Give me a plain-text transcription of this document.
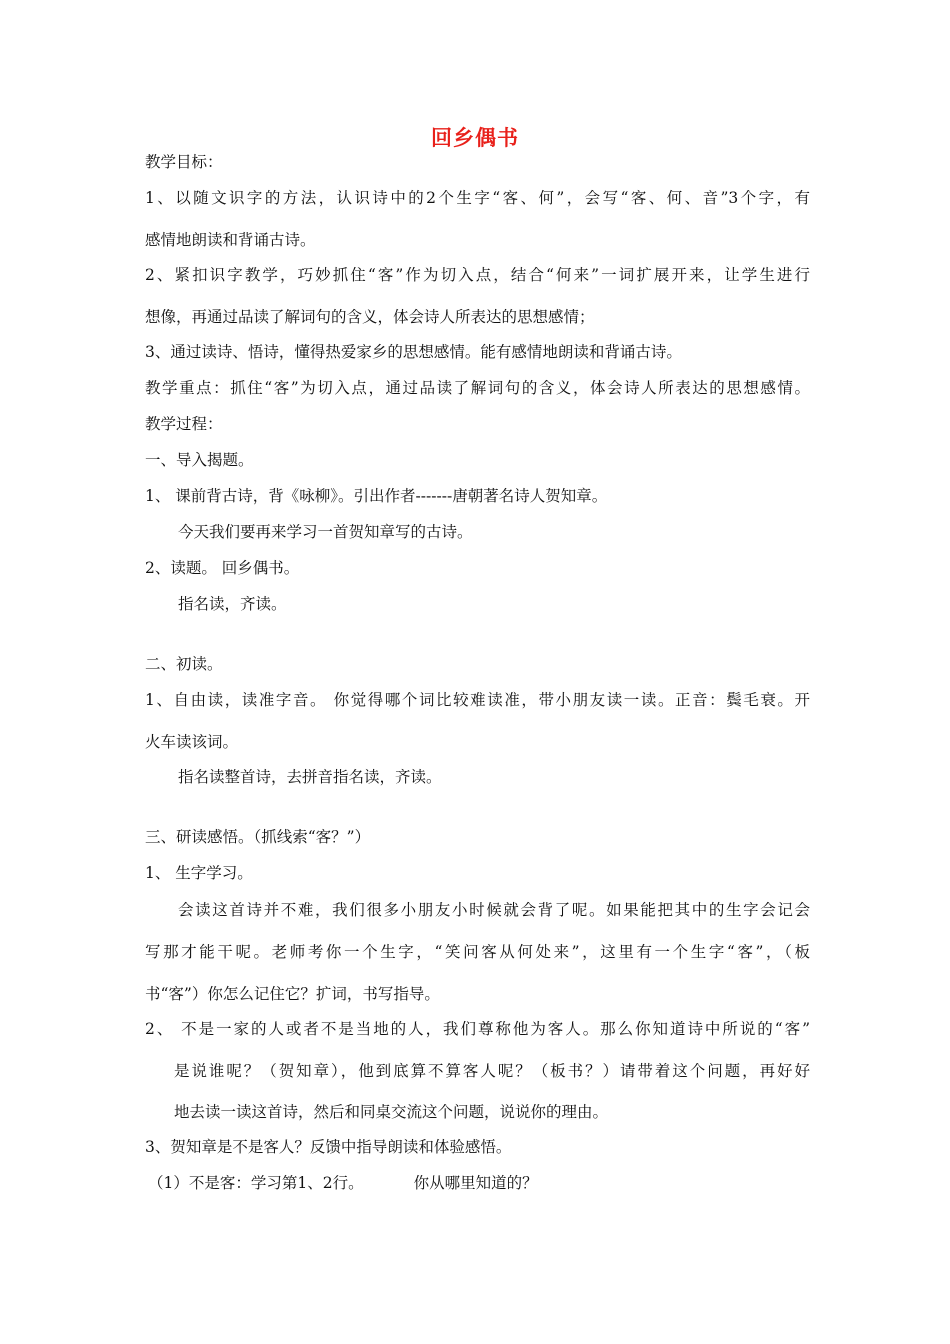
回乡偶书
教学目标：
1、以随文识字的方法，认识诗中的2个生字“客、何”，会写“客、何、音”3个字，有
感情地朗读和背诵古诗。
2、紧扣识字教学，巧妙抓住“客”作为切入点，结合“何来”一词扩展开来，让学生进行
想像，再通过品读了解词句的含义，体会诗人所表达的思想感情；
3、通过读诗、悟诗，懂得热爱家乡的思想感情。能有感情地朗读和背诵古诗。
教学重点：抓住“客”为切入点，通过品读了解词句的含义，体会诗人所表达的思想感情。
教学过程：
一、导入揭题。
1、 课前背古诗，背《咏柳》。引出作者-------唐朝著名诗人贺知章。
今天我们要再来学习一首贺知章写的古诗。
2、读题。 回乡偶书。
指名读，齐读。
二、初读。
1、自由读，读准字音。 你觉得哪个词比较难读准，带小朋友读一读。正音：鬓毛衰。开
火车读该词。
指名读整首诗，去拼音指名读，齐读。
三、研读感悟。（抓线索“客？”）
1、 生字学习。
会读这首诗并不难，我们很多小朋友小时候就会背了呢。如果能把其中的生字会记会
写那才能干呢。老师考你一个生字，“笑问客从何处来”，这里有一个生字“客”，（板
书“客”）你怎么记住它？扩词，书写指导。
2、 不是一家的人或者不是当地的人，我们尊称他为客人。那么你知道诗中所说的“客”
是说谁呢？（贺知章），他到底算不算客人呢？（板书？）请带着这个问题，再好好
地去读一读这首诗，然后和同桌交流这个问题，说说你的理由。
3、贺知章是不是客人？反馈中指导朗读和体验感悟。
（1）不是客：学习第1、2行。	你从哪里知道的？
